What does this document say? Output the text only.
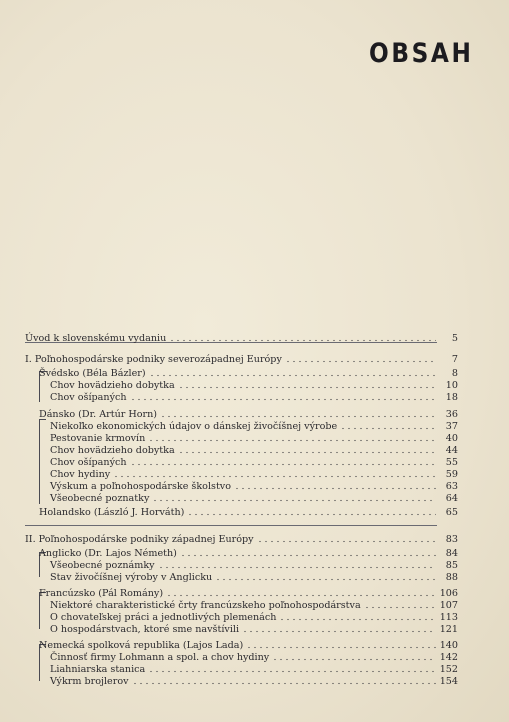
OBSAH
Úvod k slovenskému vydaniu	5
I. Poľnohospodárske podniky severozápadnej Európy	7
Švédsko (Béla Bázler)	8
Chov hovädzieho dobytka	10
Chov ošípaných	18
Dánsko (Dr. Artúr Horn)	36
Niekoľko ekonomických údajov o dánskej živočíšnej výrobe	37
Pestovanie krmovín	40
Chov hovädzieho dobytka	44
Chov ošípaných	55
Chov hydiny	59
Výskum a poľnohospodárske školstvo	63
Všeobecné poznatky	64
Holandsko (László J. Horváth)	65
II. Poľnohospodárske podniky západnej Európy	83
Anglicko (Dr. Lajos Németh)	84
Všeobecné poznámky	85
Stav živočíšnej výroby v Anglicku	88
Francúzsko (Pál Romány)	106
Niektoré charakteristické črty francúzskeho poľnohospodárstva	107
O chovateľskej práci a jednotlivých plemenách	113
O hospodárstvach, ktoré sme navštívili	121
Nemecká spolková republika (Lajos Lada)	140
Činnosť firmy Lohmann a spol. a chov hydiny	142
Liahniarska stanica	152
Výkrm brojlerov	154
